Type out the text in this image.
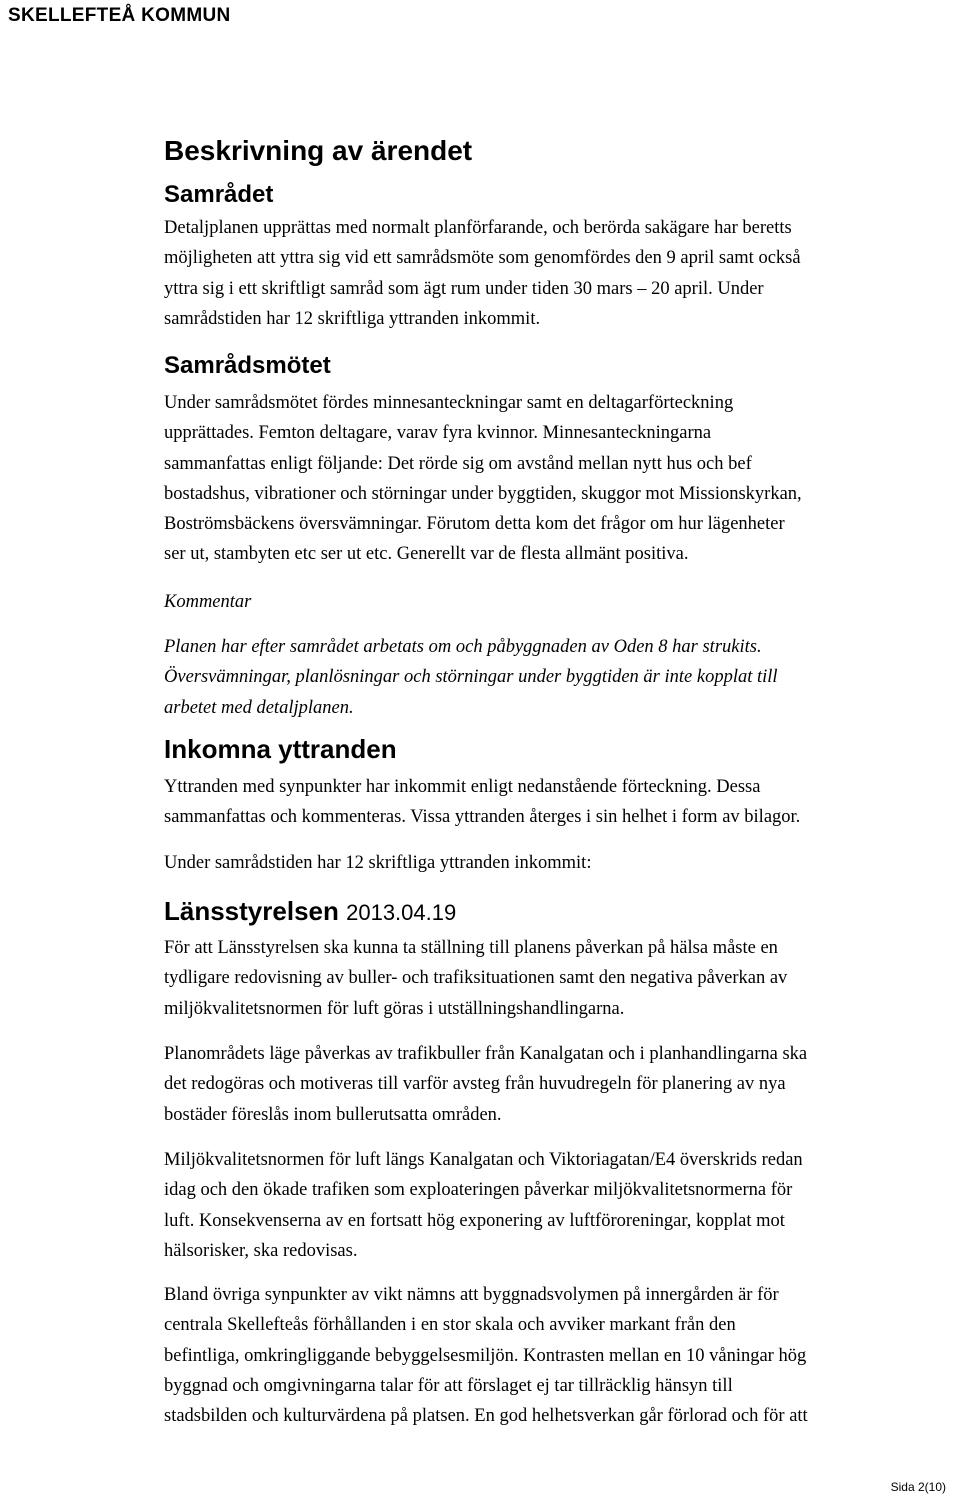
SKELLEFTEÅ KOMMUN
Beskrivning av ärendet
Samrådet
Detaljplanen upprättas med normalt planförfarande, och berörda sakägare har beretts
möjligheten att yttra sig vid ett samrådsmöte som genomfördes den 9 april samt också
yttra sig i ett skriftligt samråd som ägt rum under tiden 30 mars – 20 april. Under
samrådstiden har 12 skriftliga yttranden inkommit.
Samrådsmötet
Under samrådsmötet fördes minnesanteckningar samt en deltagarförteckning
upprättades. Femton deltagare, varav fyra kvinnor. Minnesanteckningarna
sammanfattas enligt följande: Det rörde sig om avstånd mellan nytt hus och bef
bostadshus, vibrationer och störningar under byggtiden, skuggor mot Missionskyrkan,
Boströmsbäckens översvämningar. Förutom detta kom det frågor om hur lägenheter
ser ut, stambyten etc ser ut etc. Generellt var de flesta allmänt positiva.
Kommentar
Planen har efter samrådet arbetats om och påbyggnaden av Oden 8 har strukits.
Översvämningar, planlösningar och störningar under byggtiden är inte kopplat till
arbetet med detaljplanen.
Inkomna yttranden
Yttranden med synpunkter har inkommit enligt nedanstående förteckning. Dessa
sammanfattas och kommenteras. Vissa yttranden återges i sin helhet i form av bilagor.
Under samrådstiden har 12 skriftliga yttranden inkommit:
Länsstyrelsen 2013.04.19
För att Länsstyrelsen ska kunna ta ställning till planens påverkan på hälsa måste en
tydligare redovisning av buller- och trafiksituationen samt den negativa påverkan av
miljökvalitetsnormen för luft göras i utställningshandlingarna.
Planområdets läge påverkas av trafikbuller från Kanalgatan och i planhandlingarna ska
det redogöras och motiveras till varför avsteg från huvudregeln för planering av nya
bostäder föreslås inom bullerutsatta områden.
Miljökvalitetsnormen för luft längs Kanalgatan och Viktoriagatan/E4 överskrids redan
idag och den ökade trafiken som exploateringen påverkar miljökvalitetsnormerna för
luft. Konsekvenserna av en fortsatt hög exponering av luftföroreningar, kopplat mot
hälsorisker, ska redovisas.
Bland övriga synpunkter av vikt nämns att byggnadsvolymen på innergården är för
centrala Skellefteås förhållanden i en stor skala och avviker markant från den
befintliga, omkringliggande bebyggelsesmiljön. Kontrasten mellan en 10 våningar hög
byggnad och omgivningarna talar för att förslaget ej tar tillräcklig hänsyn till
stadsbilden och kulturvärdena på platsen. En god helhetsverkan går förlorad och för att
Sida 2(10)
